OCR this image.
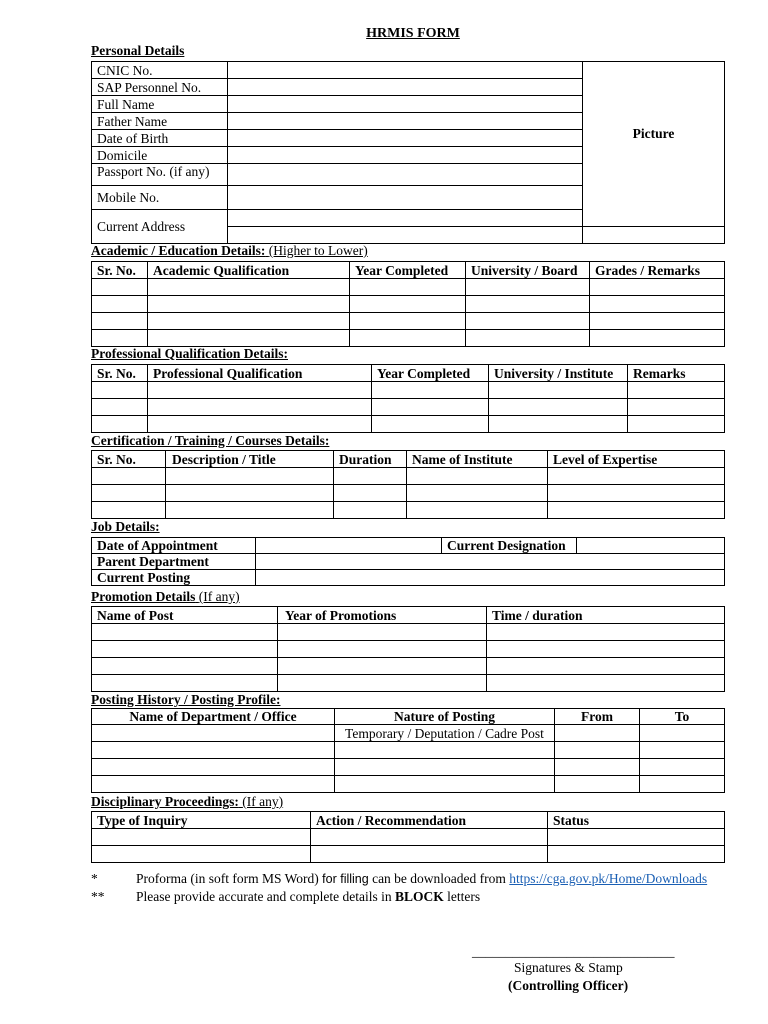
HRMIS FORM
Personal Details
CNIC No.		Picture
SAP Personnel No.		
Full Name		
Father Name		
Date of Birth		
Domicile		
Passport No. (if any)		
Mobile No.		
Current Address		

Academic / Education Details: (Higher to Lower)
Sr. No.	Academic Qualification	Year Completed	University / Board	Grades / Remarks

Professional Qualification Details:
Sr. No.	Professional Qualification	Year Completed	University / Institute	Remarks

Certification / Training / Courses Details:
Sr. No.	Description / Title	Duration	Name of Institute	Level of Expertise

Job Details:
Date of Appointment		Current Designation	
Parent Department			
Current Posting			
Promotion Details (If any)
Name of Post	Year of Promotions	Time / duration

Posting History / Posting Profile:
Name of Department / Office	Nature of Posting	From	To
	Temporary / Deputation / Cadre Post		

Disciplinary Proceedings: (If any)
Type of Inquiry	Action / Recommendation	Status

*	Proforma (in soft form MS Word) for filling can be downloaded from https://cga.gov.pk/Home/Downloads
** Please provide accurate and complete details in BLOCK letters
______________________________
Signatures & Stamp
(Controlling Officer)
